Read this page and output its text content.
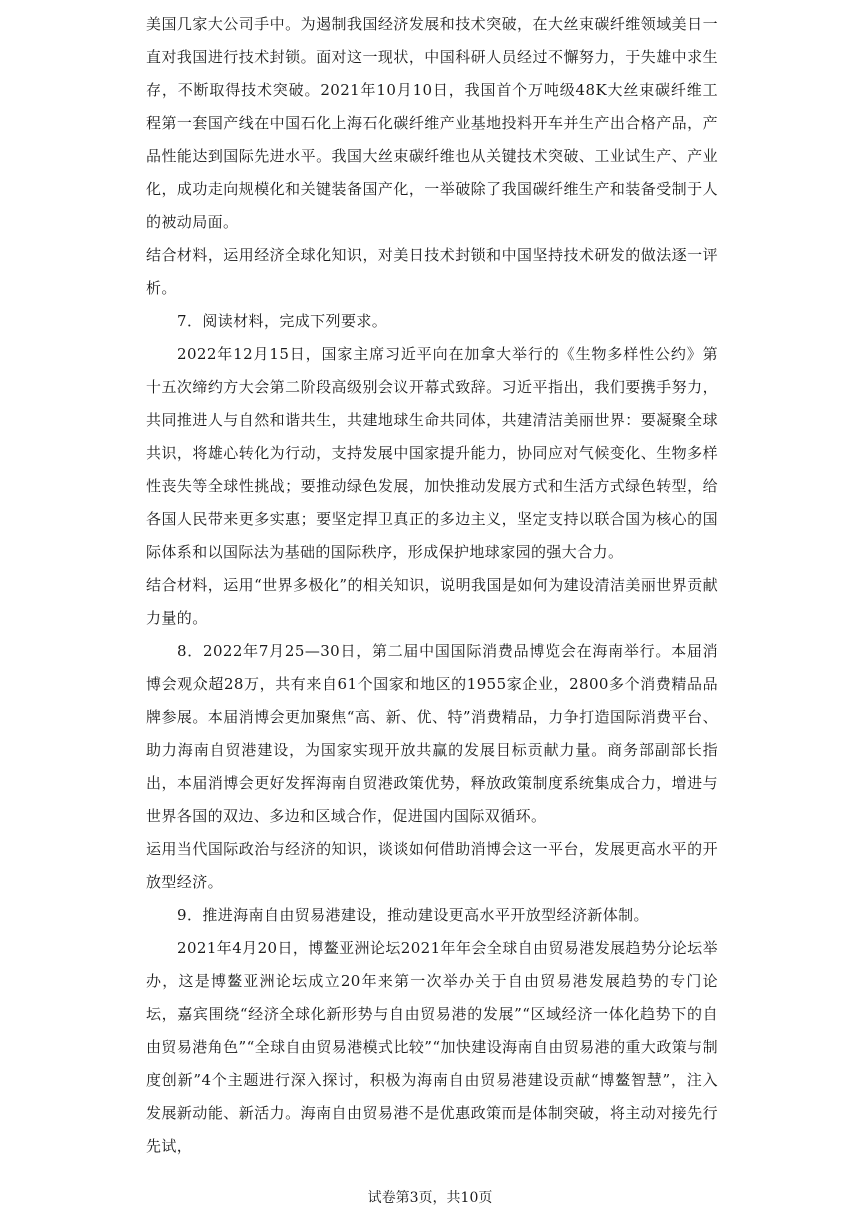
美国几家大公司手中。为遏制我国经济发展和技术突破，在大丝束碳纤维领域美日一直对我国进行技术封锁。面对这一现状，中国科研人员经过不懈努力，于失雄中求生存，不断取得技术突破。2021年10月10日，我国首个万吨级48K大丝束碳纤维工程第一套国产线在中国石化上海石化碳纤维产业基地投料开车并生产出合格产品，产品性能达到国际先进水平。我国大丝束碳纤维也从关键技术突破、工业试生产、产业化，成功走向规模化和关键装备国产化，一举破除了我国碳纤维生产和装备受制于人的被动局面。

结合材料，运用经济全球化知识，对美日技术封锁和中国坚持技术研发的做法逐一评析。

7．阅读材料，完成下列要求。

2022年12月15日，国家主席习近平向在加拿大举行的《生物多样性公约》第十五次缔约方大会第二阶段高级别会议开幕式致辞。习近平指出，我们要携手努力，共同推进人与自然和谐共生，共建地球生命共同体，共建清洁美丽世界：要凝聚全球共识，将雄心转化为行动，支持发展中国家提升能力，协同应对气候变化、生物多样性丧失等全球性挑战；要推动绿色发展，加快推动发展方式和生活方式绿色转型，给各国人民带来更多实惠；要坚定捍卫真正的多边主义，坚定支持以联合国为核心的国际体系和以国际法为基础的国际秩序，形成保护地球家园的强大合力。

结合材料，运用“世界多极化”的相关知识，说明我国是如何为建设清洁美丽世界贡献力量的。

8．2022年7月25—30日，第二届中国国际消费品博览会在海南举行。本届消博会观众超28万，共有来自61个国家和地区的1955家企业，2800多个消费精品品牌参展。本届消博会更加聚焦“高、新、优、特”消费精品，力争打造国际消费平台、助力海南自贸港建设，为国家实现开放共赢的发展目标贡献力量。商务部副部长指出，本届消博会更好发挥海南自贸港政策优势，释放政策制度系统集成合力，增进与世界各国的双边、多边和区域合作，促进国内国际双循环。

运用当代国际政治与经济的知识，谈谈如何借助消博会这一平台，发展更高水平的开放型经济。

9．推进海南自由贸易港建设，推动建设更高水平开放型经济新体制。

2021年4月20日，博鳌亚洲论坛2021年年会全球自由贸易港发展趋势分论坛举办，这是博鳌亚洲论坛成立20年来第一次举办关于自由贸易港发展趋势的专门论坛，嘉宾围绕“经济全球化新形势与自由贸易港的发展”“区域经济一体化趋势下的自由贸易港角色”“全球自由贸易港模式比较”“加快建设海南自由贸易港的重大政策与制度创新”4个主题进行深入探讨，积极为海南自由贸易港建设贡献“博鳌智慧”，注入发展新动能、新活力。海南自由贸易港不是优惠政策而是体制突破，将主动对接先行先试，

试卷第3页，共10页
